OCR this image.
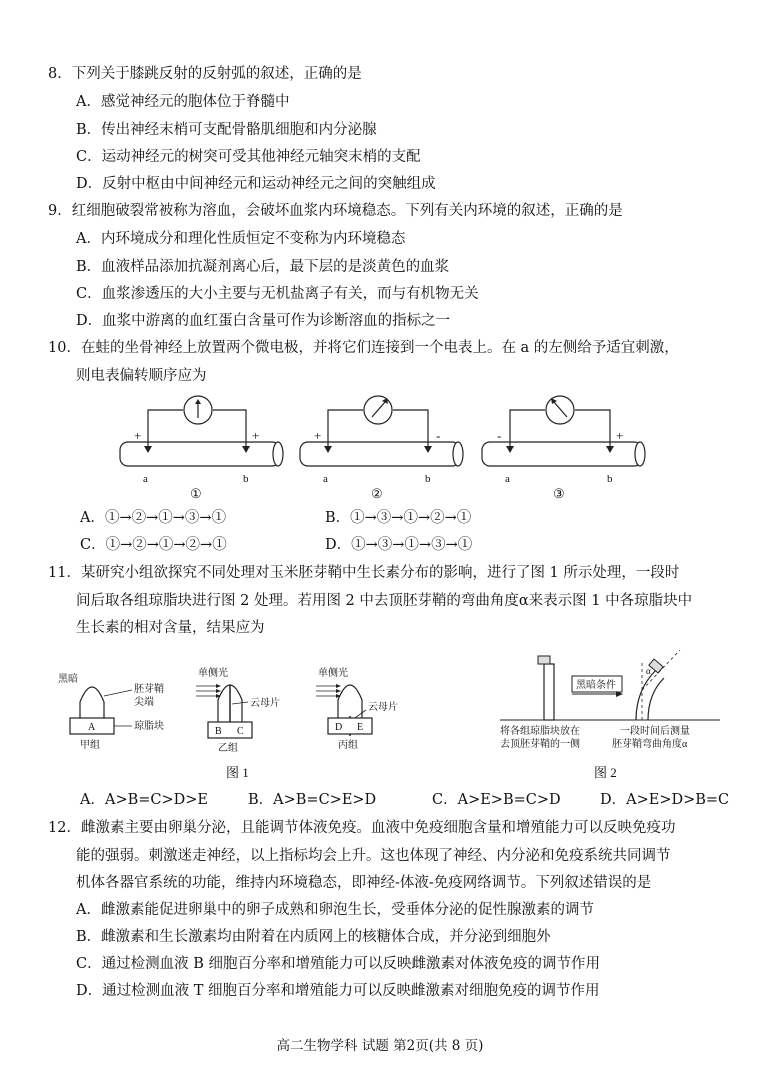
8．下列关于膝跳反射的反射弧的叙述，正确的是
A．感觉神经元的胞体位于脊髓中
B．传出神经末梢可支配骨骼肌细胞和内分泌腺
C．运动神经元的树突可受其他神经元轴突末梢的支配
D．反射中枢由中间神经元和运动神经元之间的突触组成
9．红细胞破裂常被称为溶血，会破坏血浆内环境稳态。下列有关内环境的叙述，正确的是
A．内环境成分和理化性质恒定不变称为内环境稳态
B．血液样品添加抗凝剂离心后，最下层的是淡黄色的血浆
C．血浆渗透压的大小主要与无机盐离子有关，而与有机物无关
D．血浆中游离的血红蛋白含量可作为诊断溶血的指标之一
10．在蛙的坐骨神经上放置两个微电极，并将它们连接到一个电表上。在 a 的左侧给予适宜刺激，
则电表偏转顺序应为
+	+
a	b
①
+	-
a	b
②
-	+
a	b
③
A．①→②→①→③→①	B．①→③→①→②→①
C．①→②→①→②→①	D．①→③→①→③→①
11．某研究小组欲探究不同处理对玉米胚芽鞘中生长素分布的影响，进行了图 1 所示处理，一段时
间后取各组琼脂块进行图 2 处理。若用图 2 中去顶胚芽鞘的弯曲角度α来表示图 1 中各琼脂块中
生长素的相对含量，结果应为
黑暗
胚芽鞘
尖端
A	琼脂块
甲组
单侧光
云母片
B C
乙组
单侧光
云母片
D E
丙组
图 1
黑暗条件
α
将各组琼脂块放在
去顶胚芽鞘的一侧
一段时间后测量
胚芽鞘弯曲角度α
图 2
A．A>B=C>D>E	B．A>B=C>E>D	C．A>E>B=C>D	D．A>E>D>B=C
12．雌激素主要由卵巢分泌，且能调节体液免疫。血液中免疫细胞含量和增殖能力可以反映免疫功
能的强弱。刺激迷走神经，以上指标均会上升。这也体现了神经、内分泌和免疫系统共同调节
机体各器官系统的功能，维持内环境稳态，即神经-体液-免疫网络调节。下列叙述错误的是
A．雌激素能促进卵巢中的卵子成熟和卵泡生长，受垂体分泌的促性腺激素的调节
B．雌激素和生长激素均由附着在内质网上的核糖体合成，并分泌到细胞外
C．通过检测血液 B 细胞百分率和增殖能力可以反映雌激素对体液免疫的调节作用
D．通过检测血液 T 细胞百分率和增殖能力可以反映雌激素对细胞免疫的调节作用
高二生物学科 试题 第2页(共 8 页)
